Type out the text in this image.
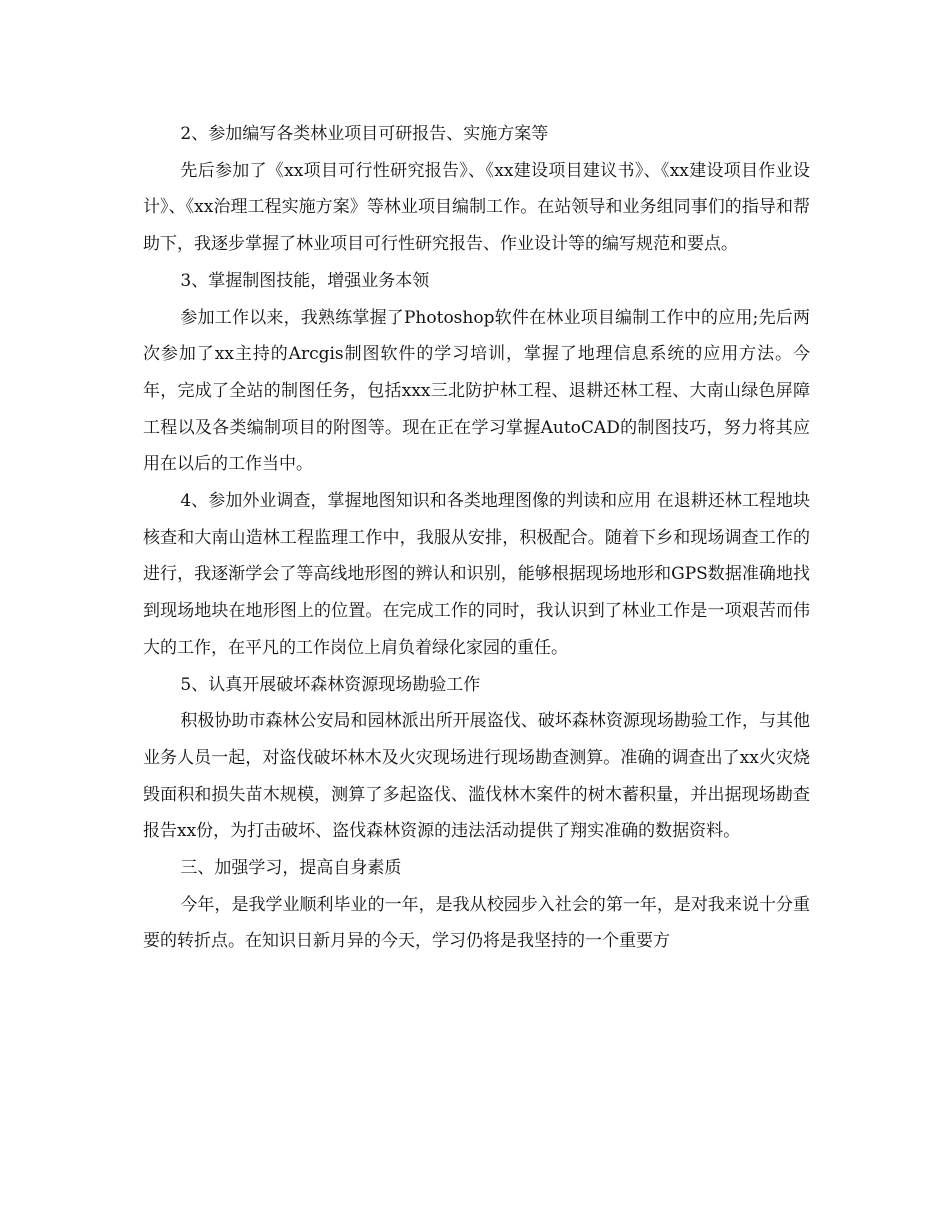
2、参加编写各类林业项目可研报告、实施方案等

先后参加了《xx项目可行性研究报告》、《xx建设项目建议书》、《xx建设项目作业设计》、《xx治理工程实施方案》等林业项目编制工作。在站领导和业务组同事们的指导和帮助下，我逐步掌握了林业项目可行性研究报告、作业设计等的编写规范和要点。

3、掌握制图技能，增强业务本领

参加工作以来，我熟练掌握了Photoshop软件在林业项目编制工作中的应用;先后两次参加了xx主持的Arcgis制图软件的学习培训，掌握了地理信息系统的应用方法。今年，完成了全站的制图任务，包括xxx三北防护林工程、退耕还林工程、大南山绿色屏障工程以及各类编制项目的附图等。现在正在学习掌握AutoCAD的制图技巧，努力将其应用在以后的工作当中。

4、参加外业调查，掌握地图知识和各类地理图像的判读和应用 在退耕还林工程地块核查和大南山造林工程监理工作中，我服从安排，积极配合。随着下乡和现场调查工作的进行，我逐渐学会了等高线地形图的辨认和识别，能够根据现场地形和GPS数据准确地找到现场地块在地形图上的位置。在完成工作的同时，我认识到了林业工作是一项艰苦而伟大的工作，在平凡的工作岗位上肩负着绿化家园的重任。

5、认真开展破坏森林资源现场勘验工作

积极协助市森林公安局和园林派出所开展盗伐、破坏森林资源现场勘验工作，与其他业务人员一起，对盗伐破坏林木及火灾现场进行现场勘查测算。准确的调查出了xx火灾烧毁面积和损失苗木规模，测算了多起盗伐、滥伐林木案件的树木蓄积量，并出据现场勘查报告xx份，为打击破坏、盗伐森林资源的违法活动提供了翔实准确的数据资料。

三、加强学习，提高自身素质

今年，是我学业顺利毕业的一年，是我从校园步入社会的第一年，是对我来说十分重要的转折点。在知识日新月异的今天，学习仍将是我坚持的一个重要方
